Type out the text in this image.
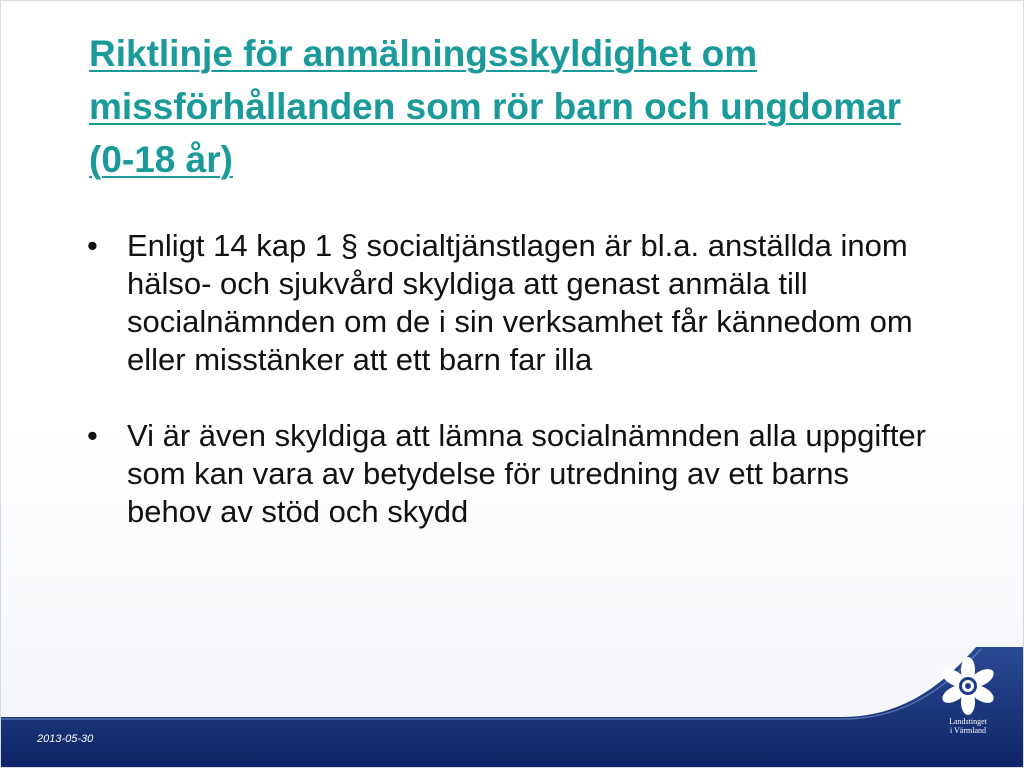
Riktlinje för anmälningsskyldighet om missförhållanden som rör barn och ungdomar (0-18 år)
• Enligt 14 kap 1 § socialtjänstlagen är bl.a. anställda inom hälso- och sjukvård skyldiga att genast anmäla till socialnämnden om de i sin verksamhet får kännedom om eller misstänker att ett barn far illa
• Vi är även skyldiga att lämna socialnämnden alla uppgifter som kan vara av betydelse för utredning av ett barns behov av stöd och skydd
2013-05-30
Landstinget
i Värmland
